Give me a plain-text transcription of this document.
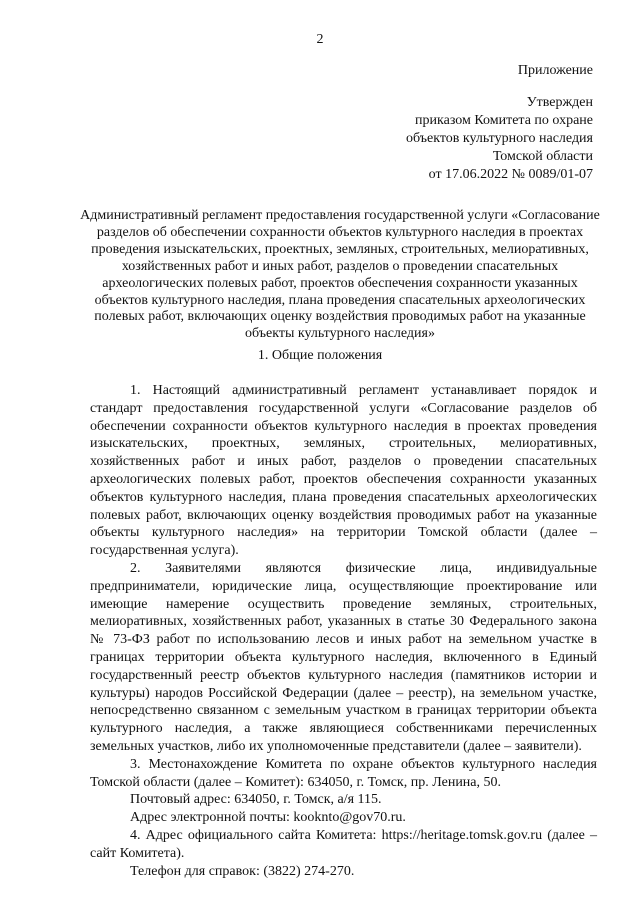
2
Приложение
Утвержден
приказом Комитета по охране
объектов культурного наследия
Томской области
от 17.06.2022 № 0089/01-07
Административный регламент предоставления государственной услуги «Согласование разделов об обеспечении сохранности объектов культурного наследия в проектах проведения изыскательских, проектных, земляных, строительных, мелиоративных, хозяйственных работ и иных работ, разделов о проведении спасательных археологических полевых работ, проектов обеспечения сохранности указанных объектов культурного наследия, плана проведения спасательных археологических полевых работ, включающих оценку воздействия проводимых работ на указанные объекты культурного наследия»
1. Общие положения

1. Настоящий административный регламент устанавливает порядок и стандарт предоставления государственной услуги «Согласование разделов об обеспечении сохранности объектов культурного наследия в проектах проведения изыскательских, проектных, земляных, строительных, мелиоративных, хозяйственных работ и иных работ, разделов о проведении спасательных археологических полевых работ, проектов обеспечения сохранности указанных объектов культурного наследия, плана проведения спасательных археологических полевых работ, включающих оценку воздействия проводимых работ на указанные объекты культурного наследия» на территории Томской области (далее – государственная услуга).

2. Заявителями являются физические лица, индивидуальные предприниматели, юридические лица, осуществляющие проектирование или имеющие намерение осуществить проведение земляных, строительных, мелиоративных, хозяйственных работ, указанных в статье 30 Федерального закона № 73-ФЗ работ по использованию лесов и иных работ на земельном участке в границах территории объекта культурного наследия, включенного в Единый государственный реестр объектов культурного наследия (памятников истории и культуры) народов Российской Федерации (далее – реестр), на земельном участке, непосредственно связанном с земельным участком в границах территории объекта культурного наследия, а также являющиеся собственниками перечисленных земельных участков, либо их уполномоченные представители (далее – заявители).

3. Местонахождение Комитета по охране объектов культурного наследия Томской области (далее – Комитет): 634050, г. Томск, пр. Ленина, 50.

Почтовый адрес: 634050, г. Томск, а/я 115.

Адрес электронной почты: kooknto@gov70.ru.

4. Адрес официального сайта Комитета: https://heritage.tomsk.gov.ru (далее – сайт Комитета).

Телефон для справок: (3822) 274-270.
